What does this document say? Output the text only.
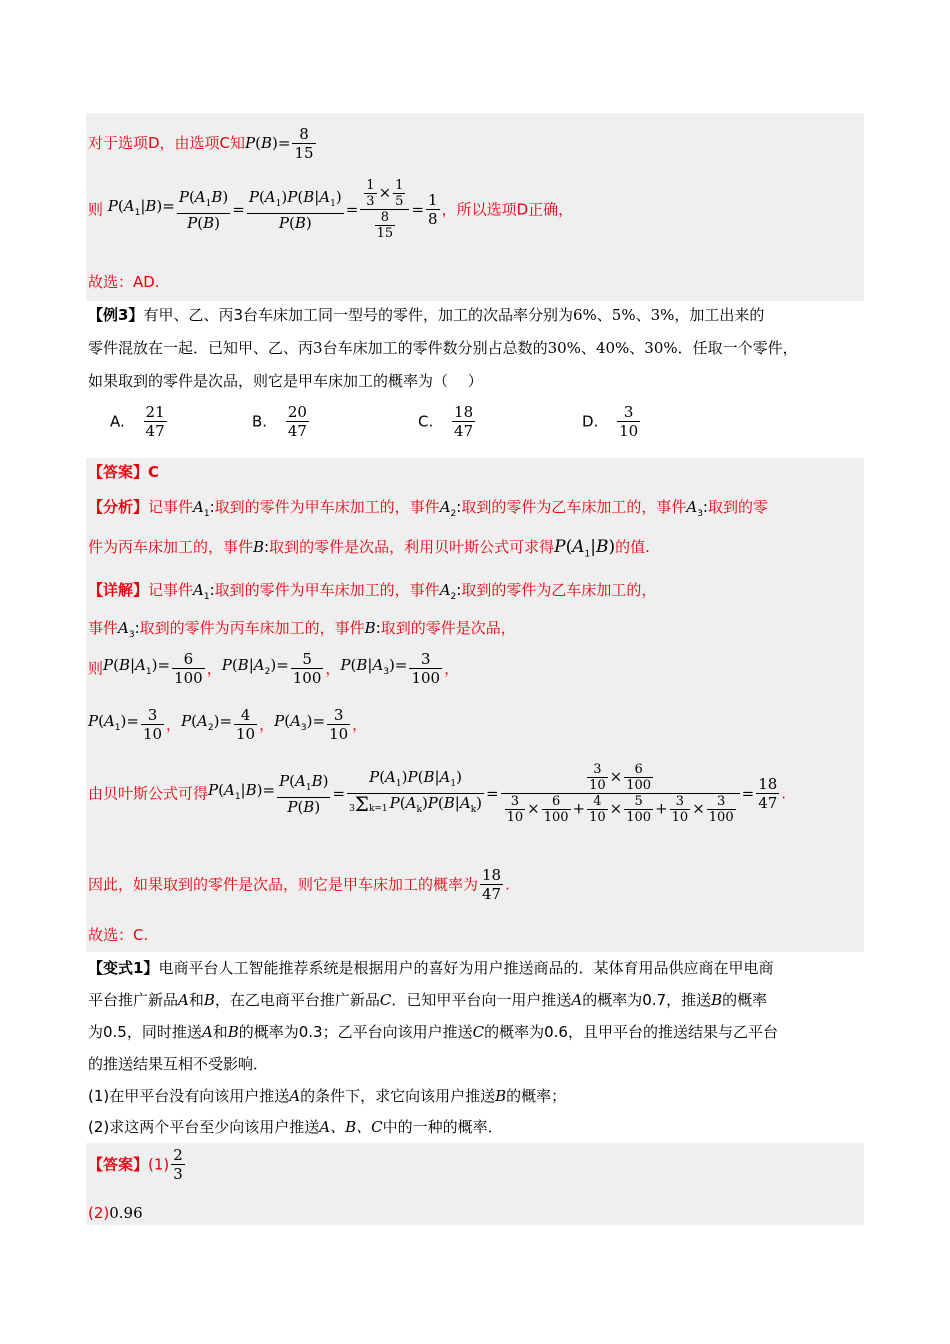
对于选项D，由选项C知$P(B)= \frac{8}{15}$
则 $P(A_1|B)= \frac{P(A_1B)}{P(B)} = \frac{P(A_1)P(B|A_1)}{P(B)} = \frac{\frac{1}{3} \times \frac{1}{5}}{\frac{8}{15}} = \frac{1}{8}$ ，所以选项D正确，
故选：AD.
【例3】有甲、乙、丙3台车床加工同一型号的零件，加工的次品率分别为6%、5%、3%，加工出来的
零件混放在一起．已知甲、乙、丙3台车床加工的零件数分别占总数的30%、40%、30%．任取一个零件，
如果取到的零件是次品，则它是甲车床加工的概率为（　 ）
A. $\frac{21}{47}$	B. $\frac{20}{47}$	C. $\frac{18}{47}$	D. $\frac{3}{10}$
【答案】C
【分析】记事件$A_1$:取到的零件为甲车床加工的，事件$A_2$:取到的零件为乙车床加工的，事件$A_3$:取到的零
件为丙车床加工的，事件B:取到的零件是次品，利用贝叶斯公式可求得$P(A_1|B)$的值.
【详解】记事件$A_1$:取到的零件为甲车床加工的，事件$A_2$:取到的零件为乙车床加工的，
事件$A_3$:取到的零件为丙车床加工的，事件B:取到的零件是次品，
则$P(B|A_1)= \frac{6}{100}$ ，$P(B|A_2)= \frac{5}{100}$ ，$P(B|A_3)= \frac{3}{100}$ ，
$P(A_1)= \frac{3}{10}$ ，$P(A_2)= \frac{4}{10}$ ，$P(A_3)= \frac{3}{10}$ ，
由贝叶斯公式可得$P(A_1|B)= \frac{P(A_1B)}{P(B)} = \frac{P(A_1)P(B|A_1)}{3\Sigma k=1 P(A_k)P(B|A_k)} = \frac{\frac{3}{10} \times \frac{6}{100}}{\frac{3}{10} \times \frac{6}{100} + \frac{4}{10} \times \frac{5}{100} + \frac{3}{10} \times \frac{3}{100}} = \frac{18}{47}$ .
因此，如果取到的零件是次品，则它是甲车床加工的概率为 $\frac{18}{47}$ .
故选：C.
【变式1】电商平台人工智能推荐系统是根据用户的喜好为用户推送商品的．某体育用品供应商在甲电商
平台推广新品A和B，在乙电商平台推广新品C．已知甲平台向一用户推送A的概率为0.7，推送B的概率
为0.5，同时推送A和B的概率为0.3；乙平台向该用户推送C的概率为0.6，且甲平台的推送结果与乙平台
的推送结果互相不受影响．
(1)在甲平台没有向该用户推送A的条件下，求它向该用户推送B的概率；
(2)求这两个平台至少向该用户推送A、B、C中的一种的概率．
【答案】$(1) \frac{2}{3}$
(2)0.96
